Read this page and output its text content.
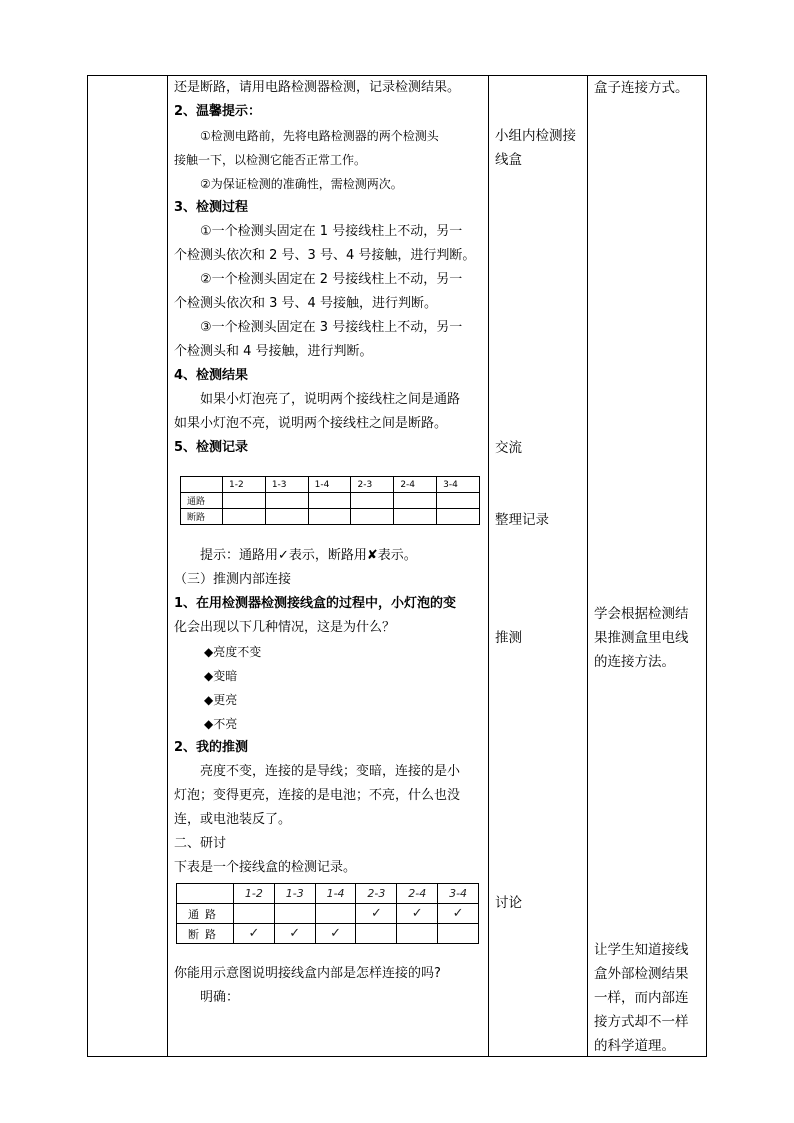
还是断路，请用电路检测器检测，记录检测结果。
2、温馨提示：
①检测电路前，先将电路检测器的两个检测头
接触一下，以检测它能否正常工作。
②为保证检测的准确性，需检测两次。
3、检测过程
①一个检测头固定在 1 号接线柱上不动，另一
个检测头依次和 2 号、3 号、4 号接触，进行判断。
②一个检测头固定在 2 号接线柱上不动，另一
个检测头依次和 3 号、4 号接触，进行判断。
③一个检测头固定在 3 号接线柱上不动，另一
个检测头和 4 号接触，进行判断。
4、检测结果
如果小灯泡亮了，说明两个接线柱之间是通路
如果小灯泡不亮，说明两个接线柱之间是断路。
5、检测记录
	1-2	1-3	1-4	2-3	2-4	3-4
通路						
断路						
提示：通路用✓表示，断路用✘表示。
（三）推测内部连接
1、在用检测器检测接线盒的过程中，小灯泡的变
化会出现以下几种情况，这是为什么？
◆亮度不变
◆变暗
◆更亮
◆不亮
2、我的推测
亮度不变，连接的是导线；变暗，连接的是小
灯泡；变得更亮，连接的是电池；不亮，什么也没
连，或电池装反了。
二、研讨
下表是一个接线盒的检测记录。
	1-2	1-3	1-4	2-3	2-4	3-4
通路				✓	✓	✓
断路	✓	✓	✓			
你能用示意图说明接线盒内部是怎样连接的吗?
明确：
小组内检测接
线盒
交流
整理记录
推测
讨论
盒子连接方式。
学会根据检测结
果推测盒里电线
的连接方法。
让学生知道接线
盒外部检测结果
一样，而内部连
接方式却不一样
的科学道理。
